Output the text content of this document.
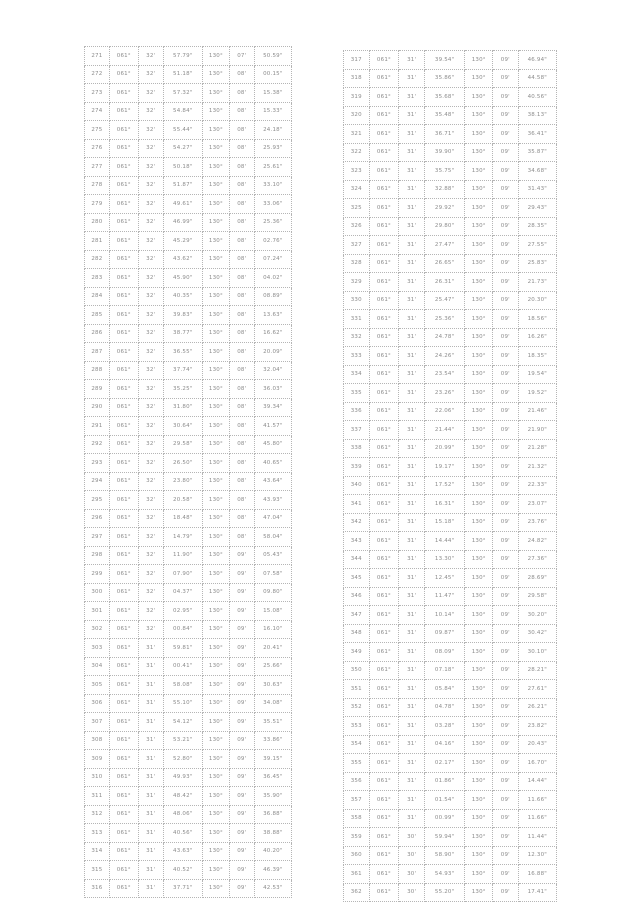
271	061°	32'	57.79"	130°	07'	50.59"
272	061°	32'	51.18"	130°	08'	00.15"
273	061°	32'	57.32"	130°	08'	15.38"
274	061°	32'	54.84"	130°	08'	15.33"
275	061°	32'	55.44"	130°	08'	24.18"
276	061°	32'	54.27"	130°	08'	25.93"
277	061°	32'	50.18"	130°	08'	25.61"
278	061°	32'	51.87"	130°	08'	33.10"
279	061°	32'	49.61"	130°	08'	33.06"
280	061°	32'	46.99"	130°	08'	25.36"
281	061°	32'	45.29"	130°	08'	02.76"
282	061°	32'	43.62"	130°	08'	07.24"
283	061°	32'	45.90"	130°	08'	04.02"
284	061°	32'	40.35"	130°	08'	08.89"
285	061°	32'	39.83"	130°	08'	13.63"
286	061°	32'	38.77"	130°	08'	16.62"
287	061°	32'	36.55"	130°	08'	20.09"
288	061°	32'	37.74"	130°	08'	32.04"
289	061°	32'	35.25"	130°	08'	36.03"
290	061°	32'	31.80"	130°	08'	39.34"
291	061°	32'	30.64"	130°	08'	41.57"
292	061°	32'	29.58"	130°	08'	45.80"
293	061°	32'	26.50"	130°	08'	40.65"
294	061°	32'	23.80"	130°	08'	43.64"
295	061°	32'	20.58"	130°	08'	43.93"
296	061°	32'	18.48"	130°	08'	47.04"
297	061°	32'	14.79"	130°	08'	58.04"
298	061°	32'	11.90"	130°	09'	05.43"
299	061°	32'	07.90"	130°	09'	07.58"
300	061°	32'	04.37"	130°	09'	09.80"
301	061°	32'	02.95"	130°	09'	15.08"
302	061°	32'	00.84"	130°	09'	16.10"
303	061°	31'	59.81"	130°	09'	20.41"
304	061°	31'	00.41"	130°	09'	25.66"
305	061°	31'	58.08"	130°	09'	30.63"
306	061°	31'	55.10"	130°	09'	34.08"
307	061°	31'	54.12"	130°	09'	35.51"
308	061°	31'	53.21"	130°	09'	33.86"
309	061°	31'	52.80"	130°	09'	39.15"
310	061°	31'	49.93"	130°	09'	36.45"
311	061°	31'	48.42"	130°	09'	35.90"
312	061°	31'	48.06"	130°	09'	36.88"
313	061°	31'	40.56"	130°	09'	38.88"
314	061°	31'	43.63"	130°	09'	40.20"
315	061°	31'	40.52"	130°	09'	46.39"
316	061°	31'	37.71"	130°	09'	42.53"
317	061°	31'	39.54"	130°	09'	46.94"
318	061°	31'	35.86"	130°	09'	44.58"
319	061°	31'	35.68"	130°	09'	40.56"
320	061°	31'	35.48"	130°	09'	38.13"
321	061°	31'	36.71"	130°	09'	36.41"
322	061°	31'	39.90"	130°	09'	35.87"
323	061°	31'	35.75"	130°	09'	34.68"
324	061°	31'	32.88"	130°	09'	31.43"
325	061°	31'	29.92"	130°	09'	29.43"
326	061°	31'	29.80"	130°	09'	28.35"
327	061°	31'	27.47"	130°	09'	27.55"
328	061°	31'	26.65"	130°	09'	25.83"
329	061°	31'	26.31"	130°	09'	21.73"
330	061°	31'	25.47"	130°	09'	20.30"
331	061°	31'	25.36"	130°	09'	18.56"
332	061°	31'	24.78"	130°	09'	16.26"
333	061°	31'	24.26"	130°	09'	18.35"
334	061°	31'	23.54"	130°	09'	19.54"
335	061°	31'	23.26"	130°	09'	19.52"
336	061°	31'	22.06"	130°	09'	21.46"
337	061°	31'	21.44"	130°	09'	21.90"
338	061°	31'	20.99"	130°	09'	21.28"
339	061°	31'	19.17"	130°	09'	21.32"
340	061°	31'	17.52"	130°	09'	22.33"
341	061°	31'	16.31"	130°	09'	23.07"
342	061°	31'	15.18"	130°	09'	23.76"
343	061°	31'	14.44"	130°	09'	24.82"
344	061°	31'	13.30"	130°	09'	27.36"
345	061°	31'	12.45"	130°	09'	28.69"
346	061°	31'	11.47"	130°	09'	29.58"
347	061°	31'	10.14"	130°	09'	30.20"
348	061°	31'	09.87"	130°	09'	30.42"
349	061°	31'	08.09"	130°	09'	30.10"
350	061°	31'	07.18"	130°	09'	28.21"
351	061°	31'	05.84"	130°	09'	27.61"
352	061°	31'	04.78"	130°	09'	26.21"
353	061°	31'	03.28"	130°	09'	23.82"
354	061°	31'	04.16"	130°	09'	20.43"
355	061°	31'	02.17"	130°	09'	16.70"
356	061°	31'	01.86"	130°	09'	14.44"
357	061°	31'	01.54"	130°	09'	11.66"
358	061°	31'	00.99"	130°	09'	11.66"
359	061°	30'	59.94"	130°	09'	11.44"
360	061°	30'	58.90"	130°	09'	12.30"
361	061°	30'	54.93"	130°	09'	16.88"
362	061°	30'	55.20"	130°	09'	17.41"
